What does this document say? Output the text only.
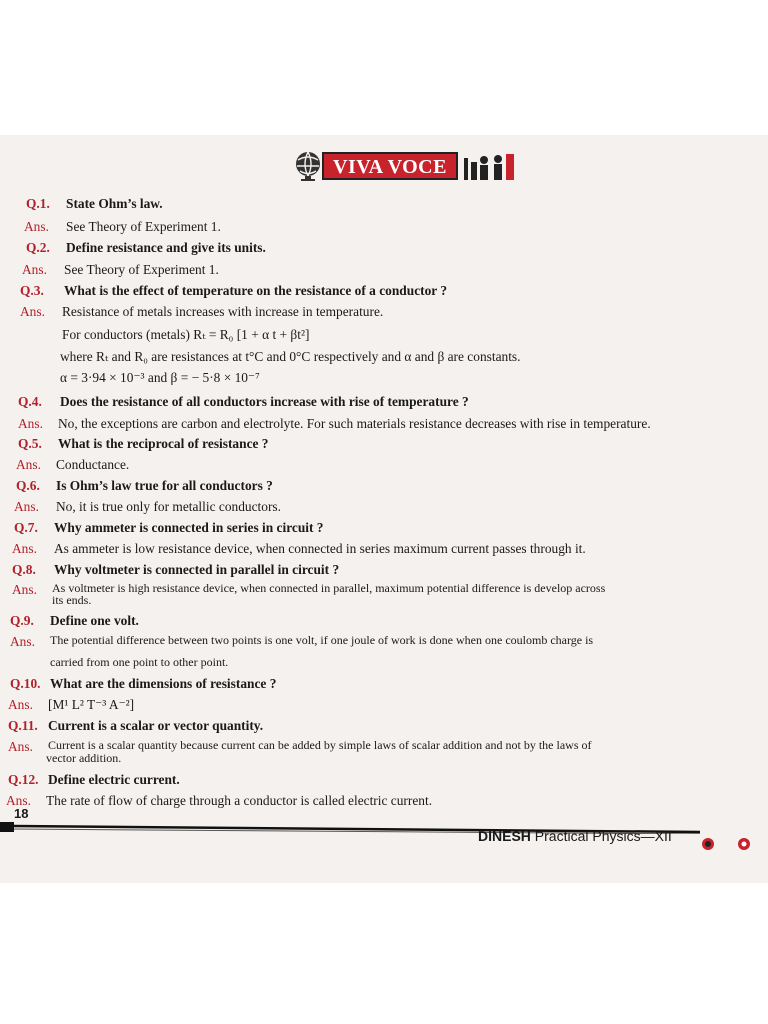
VIVA VOCE
Q.1. State Ohm’s law.
Ans. See Theory of Experiment 1.
Q.2. Define resistance and give its units.
Ans. See Theory of Experiment 1.
Q.3. What is the effect of temperature on the resistance of a conductor ?
Ans. Resistance of metals increases with increase in temperature.
For conductors (metals) Rₜ = R₀ [1 + α t + βt²]
where Rₜ and R₀ are resistances at t°C and 0°C respectively and α and β are constants.
α = 3·94 × 10⁻³ and β = − 5·8 × 10⁻⁷
Q.4. Does the resistance of all conductors increase with rise of temperature ?
Ans. No, the exceptions are carbon and electrolyte. For such materials resistance decreases with rise in temperature.
Q.5. What is the reciprocal of resistance ?
Ans. Conductance.
Q.6. Is Ohm’s law true for all conductors ?
Ans. No, it is true only for metallic conductors.
Q.7. Why ammeter is connected in series in circuit ?
Ans. As ammeter is low resistance device, when connected in series maximum current passes through it.
Q.8. Why voltmeter is connected in parallel in circuit ?
Ans. As voltmeter is high resistance device, when connected in parallel, maximum potential difference is develop across
its ends.
Q.9. Define one volt.
Ans. The potential difference between two points is one volt, if one joule of work is done when one coulomb charge is
carried from one point to other point.
Q.10. What are the dimensions of resistance ?
Ans. [M¹ L² T⁻³ A⁻²]
Q.11. Current is a scalar or vector quantity.
Ans. Current is a scalar quantity because current can be added by simple laws of scalar addition and not by the laws of
vector addition.
Q.12. Define electric current.
Ans. The rate of flow of charge through a conductor is called electric current.
18
DINESH Practical Physics—XII
